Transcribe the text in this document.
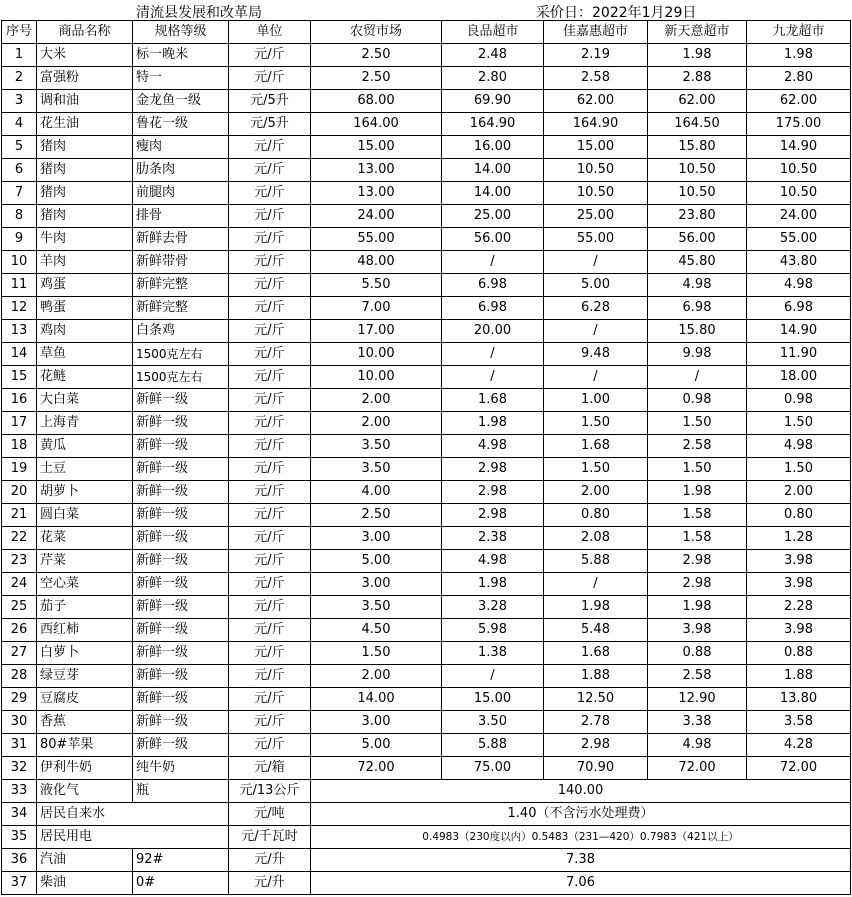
清流县发展和改革局	采价日：2022年1月29日
序号	商品名称	规格等级	单位	农贸市场	良品超市	佳嘉惠超市	新天意超市	九龙超市
1	大米	标一晚米	元/斤	2.50	2.48	2.19	1.98	1.98
2	富强粉	特一	元/斤	2.50	2.80	2.58	2.88	2.80
3	调和油	金龙鱼一级	元/5升	68.00	69.90	62.00	62.00	62.00
4	花生油	鲁花一级	元/5升	164.00	164.90	164.90	164.50	175.00
5	猪肉	瘦肉	元/斤	15.00	16.00	15.00	15.80	14.90
6	猪肉	肋条肉	元/斤	13.00	14.00	10.50	10.50	10.50
7	猪肉	前腿肉	元/斤	13.00	14.00	10.50	10.50	10.50
8	猪肉	排骨	元/斤	24.00	25.00	25.00	23.80	24.00
9	牛肉	新鲜去骨	元/斤	55.00	56.00	55.00	56.00	55.00
10	羊肉	新鲜带骨	元/斤	48.00	/	/	45.80	43.80
11	鸡蛋	新鲜完整	元/斤	5.50	6.98	5.00	4.98	4.98
12	鸭蛋	新鲜完整	元/斤	7.00	6.98	6.28	6.98	6.98
13	鸡肉	白条鸡	元/斤	17.00	20.00	/	15.80	14.90
14	草鱼	1500克左右	元/斤	10.00	/	9.48	9.98	11.90
15	花鲢	1500克左右	元/斤	10.00	/	/	/	18.00
16	大白菜	新鲜一级	元/斤	2.00	1.68	1.00	0.98	0.98
17	上海青	新鲜一级	元/斤	2.00	1.98	1.50	1.50	1.50
18	黄瓜	新鲜一级	元/斤	3.50	4.98	1.68	2.58	4.98
19	土豆	新鲜一级	元/斤	3.50	2.98	1.50	1.50	1.50
20	胡萝卜	新鲜一级	元/斤	4.00	2.98	2.00	1.98	2.00
21	圆白菜	新鲜一级	元/斤	2.50	2.98	0.80	1.58	0.80
22	花菜	新鲜一级	元/斤	3.00	2.38	2.08	1.58	1.28
23	芹菜	新鲜一级	元/斤	5.00	4.98	5.88	2.98	3.98
24	空心菜	新鲜一级	元/斤	3.00	1.98	/	2.98	3.98
25	茄子	新鲜一级	元/斤	3.50	3.28	1.98	1.98	2.28
26	西红柿	新鲜一级	元/斤	4.50	5.98	5.48	3.98	3.98
27	白萝卜	新鲜一级	元/斤	1.50	1.38	1.68	0.88	0.88
28	绿豆芽	新鲜一级	元/斤	2.00	/	1.88	2.58	1.88
29	豆腐皮	新鲜一级	元/斤	14.00	15.00	12.50	12.90	13.80
30	香蕉	新鲜一级	元/斤	3.00	3.50	2.78	3.38	3.58
31	80#苹果	新鲜一级	元/斤	5.00	5.88	2.98	4.98	4.28
32	伊利牛奶	纯牛奶	元/箱	72.00	75.00	70.90	72.00	72.00
33	液化气	瓶	元/13公斤	140.00				
34	居民自来水		元/吨	1.40（不含污水处理费）				
35	居民用电		元/千瓦时	0.4983（230度以内）0.5483（231—420）0.7983（421以上）				
36	汽油	92#	元/升	7.38				
37	柴油	0#	元/升	7.06				
